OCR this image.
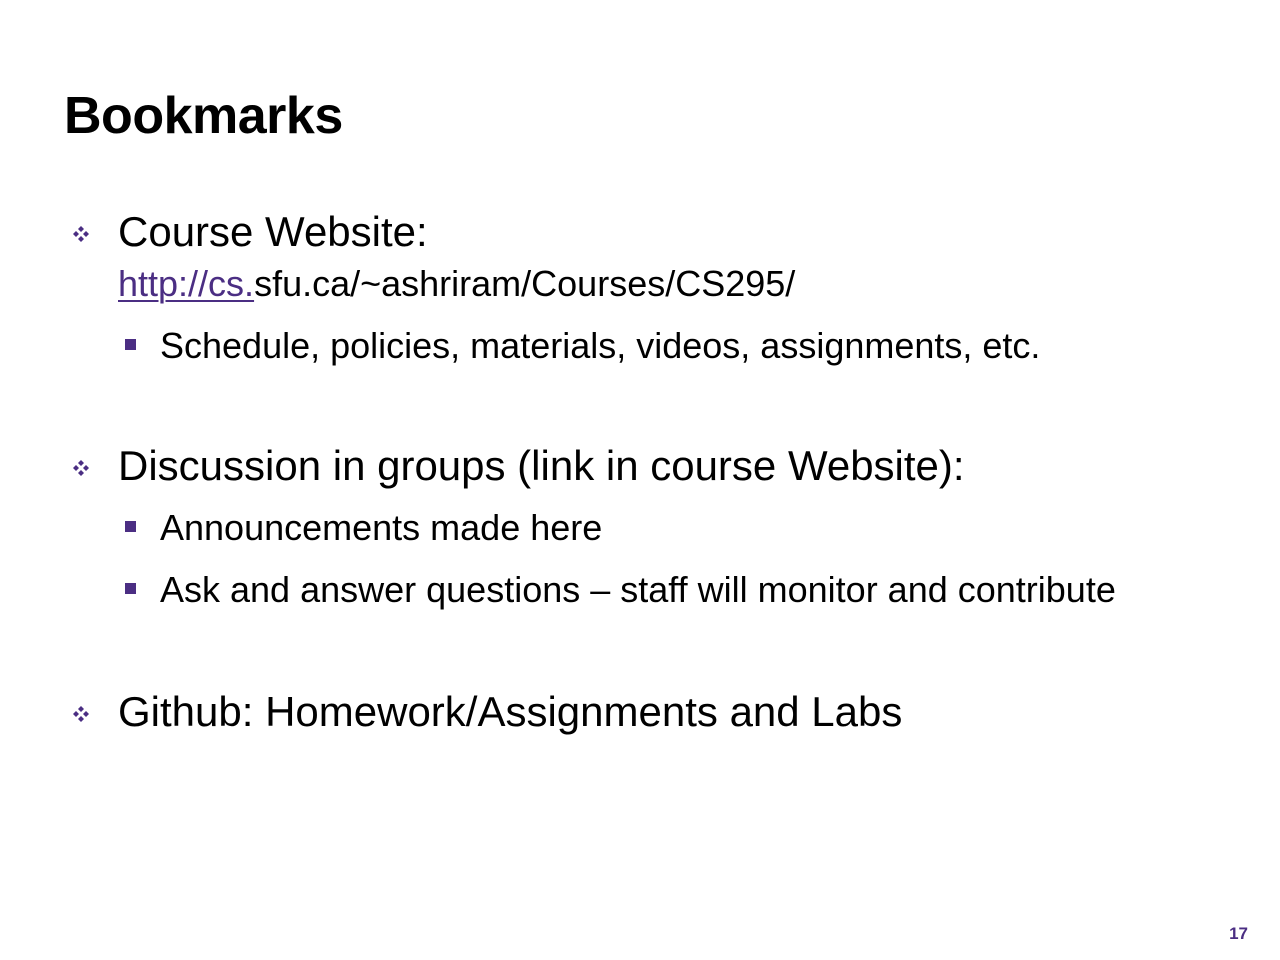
Bookmarks
Course Website:
http://cs.sfu.ca/~ashriram/Courses/CS295/
Schedule, policies, materials, videos, assignments, etc.
Discussion in groups (link in course Website):
Announcements made here
Ask and answer questions – staff will monitor and contribute
Github: Homework/Assignments and Labs
17
